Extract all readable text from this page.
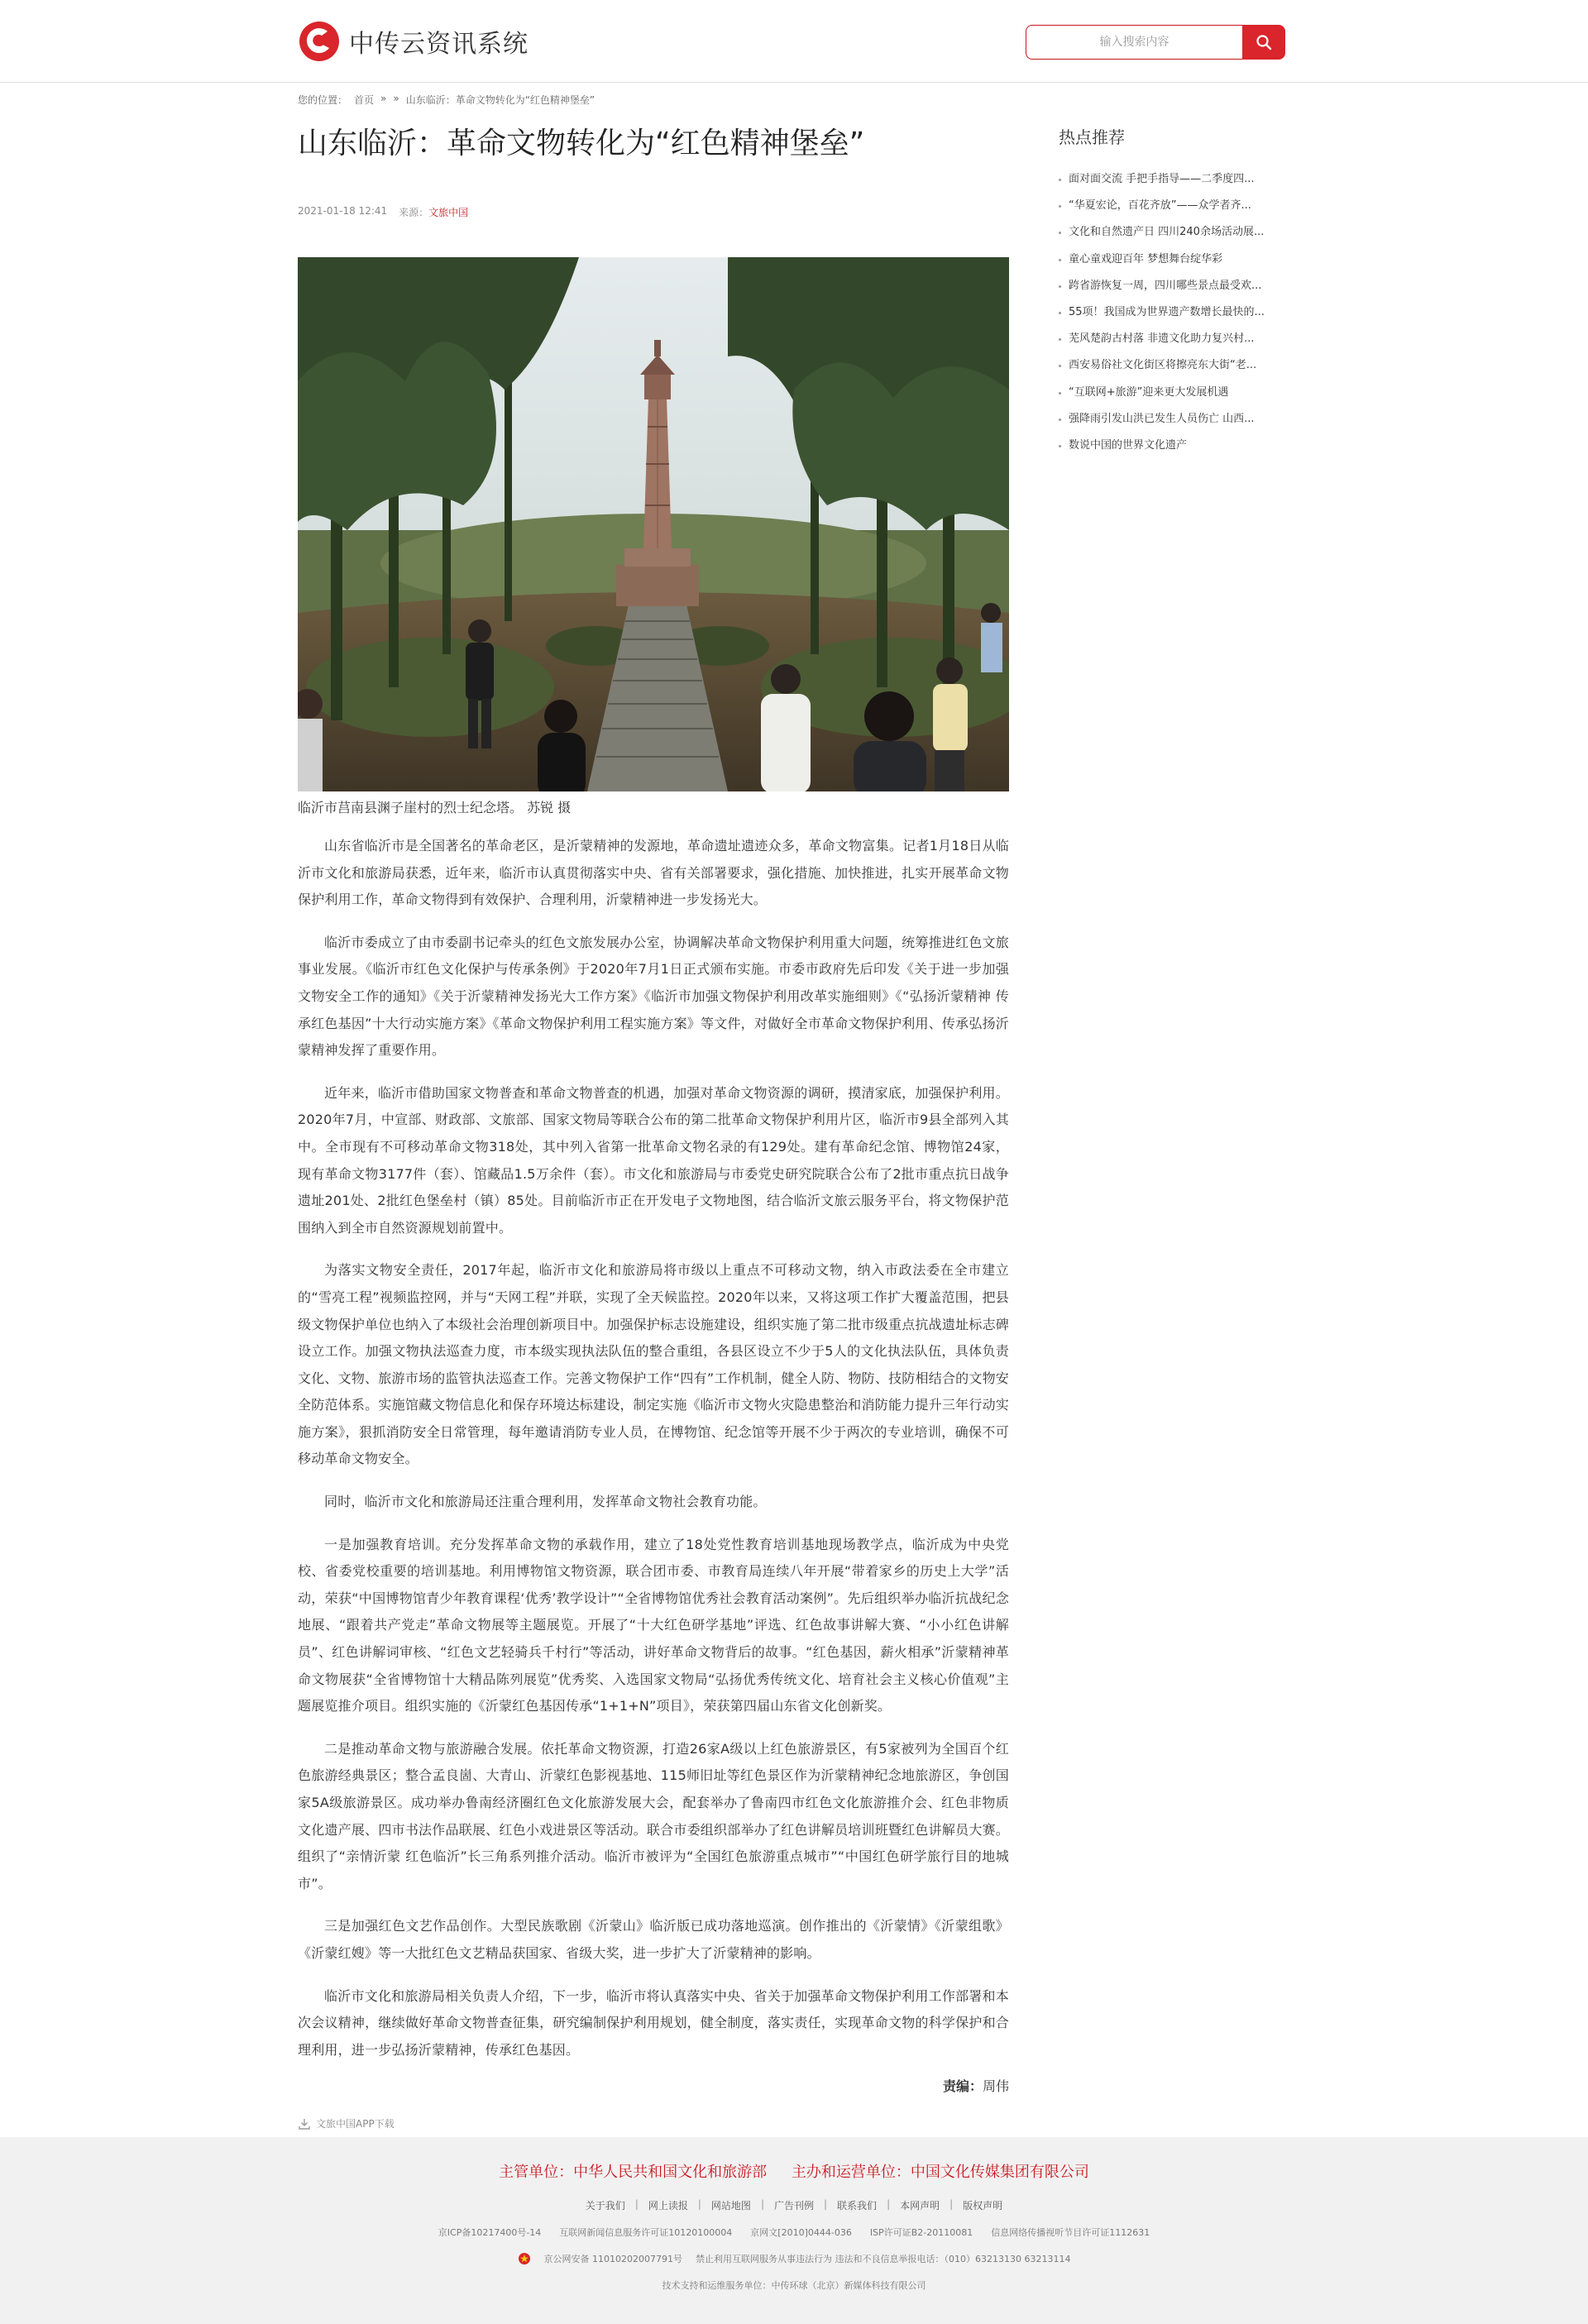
中传云资讯系统
输入搜索内容
您的位置： 首页 » » 山东临沂：革命文物转化为“红色精神堡垒”
山东临沂：革命文物转化为“红色精神堡垒”
2021-01-18 12:41 来源：文旅中国
临沂市莒南县渊子崖村的烈士纪念塔。 苏锐 摄

山东省临沂市是全国著名的革命老区，是沂蒙精神的发源地，革命遗址遗迹众多，革命文物富集。记者1月18日从临沂市文化和旅游局获悉，近年来，临沂市认真贯彻落实中央、省有关部署要求，强化措施、加快推进，扎实开展革命文物保护利用工作，革命文物得到有效保护、合理利用，沂蒙精神进一步发扬光大。

临沂市委成立了由市委副书记牵头的红色文旅发展办公室，协调解决革命文物保护利用重大问题，统筹推进红色文旅事业发展。《临沂市红色文化保护与传承条例》于2020年7月1日正式颁布实施。市委市政府先后印发《关于进一步加强文物安全工作的通知》《关于沂蒙精神发扬光大工作方案》《临沂市加强文物保护利用改革实施细则》《“弘扬沂蒙精神 传承红色基因”十大行动实施方案》《革命文物保护利用工程实施方案》等文件，对做好全市革命文物保护利用、传承弘扬沂蒙精神发挥了重要作用。

近年来，临沂市借助国家文物普查和革命文物普查的机遇，加强对革命文物资源的调研，摸清家底，加强保护利用。2020年7月，中宣部、财政部、文旅部、国家文物局等联合公布的第二批革命文物保护利用片区，临沂市9县全部列入其中。全市现有不可移动革命文物318处，其中列入省第一批革命文物名录的有129处。建有革命纪念馆、博物馆24家，现有革命文物3177件（套）、馆藏品1.5万余件（套）。市文化和旅游局与市委党史研究院联合公布了2批市重点抗日战争遗址201处、2批红色堡垒村（镇）85处。目前临沂市正在开发电子文物地图，结合临沂文旅云服务平台，将文物保护范围纳入到全市自然资源规划前置中。

为落实文物安全责任，2017年起，临沂市文化和旅游局将市级以上重点不可移动文物，纳入市政法委在全市建立的“雪亮工程”视频监控网，并与“天网工程”并联，实现了全天候监控。2020年以来，又将这项工作扩大覆盖范围，把县级文物保护单位也纳入了本级社会治理创新项目中。加强保护标志设施建设，组织实施了第二批市级重点抗战遗址标志碑设立工作。加强文物执法巡查力度，市本级实现执法队伍的整合重组，各县区设立不少于5人的文化执法队伍，具体负责文化、文物、旅游市场的监管执法巡查工作。完善文物保护工作“四有”工作机制，健全人防、物防、技防相结合的文物安全防范体系。实施馆藏文物信息化和保存环境达标建设，制定实施《临沂市文物火灾隐患整治和消防能力提升三年行动实施方案》，狠抓消防安全日常管理，每年邀请消防专业人员，在博物馆、纪念馆等开展不少于两次的专业培训，确保不可移动革命文物安全。

同时，临沂市文化和旅游局还注重合理利用，发挥革命文物社会教育功能。

一是加强教育培训。充分发挥革命文物的承载作用，建立了18处党性教育培训基地现场教学点，临沂成为中央党校、省委党校重要的培训基地。利用博物馆文物资源，联合团市委、市教育局连续八年开展“带着家乡的历史上大学”活动，荣获“中国博物馆青少年教育课程‘优秀’教学设计”“全省博物馆优秀社会教育活动案例”。先后组织举办临沂抗战纪念地展、“跟着共产党走”革命文物展等主题展览。开展了“十大红色研学基地”评选、红色故事讲解大赛、“小小红色讲解员”、红色讲解词审核、“红色文艺轻骑兵千村行”等活动，讲好革命文物背后的故事。“红色基因，薪火相承”沂蒙精神革命文物展获“全省博物馆十大精品陈列展览”优秀奖、入选国家文物局“弘扬优秀传统文化、培育社会主义核心价值观”主题展览推介项目。组织实施的《沂蒙红色基因传承“1+1+N”项目》，荣获第四届山东省文化创新奖。

二是推动革命文物与旅游融合发展。依托革命文物资源，打造26家A级以上红色旅游景区，有5家被列为全国百个红色旅游经典景区；整合孟良崮、大青山、沂蒙红色影视基地、115师旧址等红色景区作为沂蒙精神纪念地旅游区，争创国家5A级旅游景区。成功举办鲁南经济圈红色文化旅游发展大会，配套举办了鲁南四市红色文化旅游推介会、红色非物质文化遗产展、四市书法作品联展、红色小戏进景区等活动。联合市委组织部举办了红色讲解员培训班暨红色讲解员大赛。组织了“亲情沂蒙 红色临沂”长三角系列推介活动。临沂市被评为“全国红色旅游重点城市”“中国红色研学旅行目的地城市”。

三是加强红色文艺作品创作。大型民族歌剧《沂蒙山》临沂版已成功落地巡演。创作推出的《沂蒙情》《沂蒙组歌》《沂蒙红嫂》等一大批红色文艺精品获国家、省级大奖，进一步扩大了沂蒙精神的影响。

临沂市文化和旅游局相关负责人介绍，下一步，临沂市将认真落实中央、省关于加强革命文物保护利用工作部署和本次会议精神，继续做好革命文物普查征集，研究编制保护利用规划，健全制度，落实责任，实现革命文物的科学保护和合理利用，进一步弘扬沂蒙精神，传承红色基因。

责编：周伟
文旅中国APP下载
热点推荐
面对面交流 手把手指导——二季度四...
“华夏宏论，百花齐放”——众学者齐...
文化和自然遗产日 四川240余场活动展...
童心童戏迎百年 梦想舞台绽华彩
跨省游恢复一周，四川哪些景点最受欢...
55项！我国成为世界遗产数增长最快的...
芜风楚韵古村落 非遗文化助力复兴村...
西安易俗社文化街区将擦亮东大街“老...
“互联网+旅游”迎来更大发展机遇
强降雨引发山洪已发生人员伤亡 山西...
数说中国的世界文化遗产
主管单位：中华人民共和国文化和旅游部 主办和运营单位：中国文化传媒集团有限公司
关于我们 | 网上读报 | 网站地图 | 广告刊例 | 联系我们 | 本网声明 | 版权声明
京ICP备10217400号-14 互联网新闻信息服务许可证10120100004 京网文[2010]0444-036 ISP许可证B2-20110081 信息网络传播视听节目许可证1112631
京公网安备 11010202007791号 禁止利用互联网服务从事违法行为 违法和不良信息举报电话：（010）63213130 63213114
技术支持和运维服务单位：中传环球（北京）新媒体科技有限公司
